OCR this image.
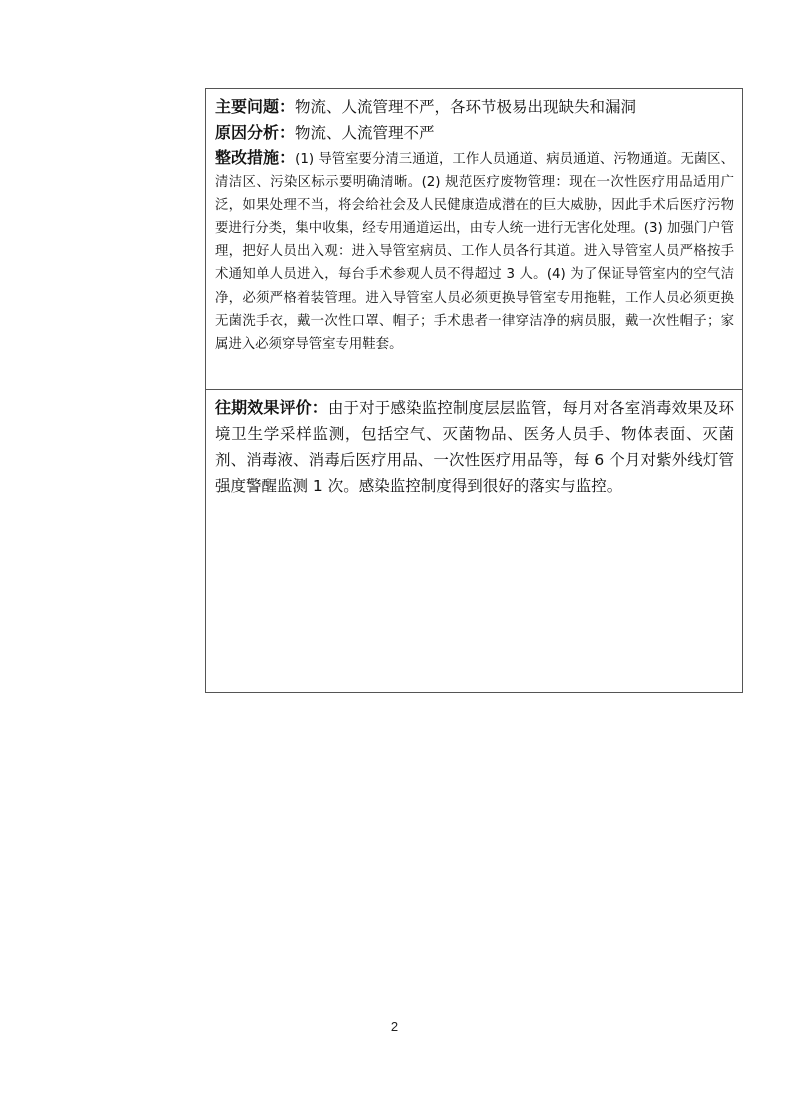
主要问题：物流、人流管理不严，各环节极易出现缺失和漏洞
原因分析：物流、人流管理不严
整改措施：(1) 导管室要分清三通道，工作人员通道、病员通道、污物通道。无菌区、清洁区、污染区标示要明确清晰。(2) 规范医疗废物管理：现在一次性医疗用品适用广泛，如果处理不当，将会给社会及人民健康造成潜在的巨大威胁，因此手术后医疗污物要进行分类，集中收集，经专用通道运出，由专人统一进行无害化处理。(3) 加强门户管理，把好人员出入观：进入导管室病员、工作人员各行其道。进入导管室人员严格按手术通知单人员进入，每台手术参观人员不得超过 3 人。(4) 为了保证导管室内的空气洁净，必须严格着装管理。进入导管室人员必须更换导管室专用拖鞋，工作人员必须更换无菌洗手衣，戴一次性口罩、帽子；手术患者一律穿洁净的病员服，戴一次性帽子；家属进入必须穿导管室专用鞋套。
往期效果评价：由于对于感染监控制度层层监管，每月对各室消毒效果及环境卫生学采样监测，包括空气、灭菌物品、医务人员手、物体表面、灭菌剂、消毒液、消毒后医疗用品、一次性医疗用品等，每 6 个月对紫外线灯管强度警醒监测 1 次。感染监控制度得到很好的落实与监控。
2
